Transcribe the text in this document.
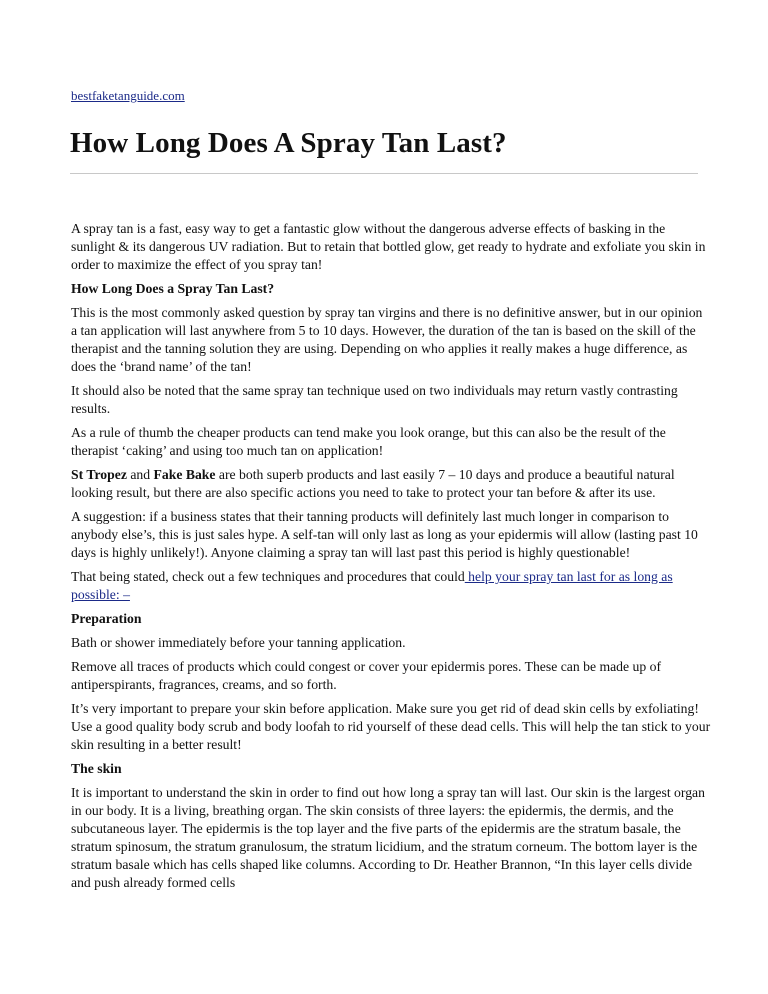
bestfaketanguide.com
How Long Does A Spray Tan Last?

A spray tan is a fast, easy way to get a fantastic glow without the dangerous adverse effects of basking in the sunlight & its dangerous UV radiation. But to retain that bottled glow, get ready to hydrate and exfoliate you skin in order to maximize the effect of you spray tan!

How Long Does a Spray Tan Last?

This is the most commonly asked question by spray tan virgins and there is no definitive answer, but in our opinion a tan application will last anywhere from 5 to 10 days. However, the duration of the tan is based on the skill of the therapist and the tanning solution they are using. Depending on who applies it really makes a huge difference, as does the ‘brand name’ of the tan!

It should also be noted that the same spray tan technique used on two individuals may return vastly contrasting results.

As a rule of thumb the cheaper products can tend make you look orange, but this can also be the result of the therapist ‘caking’ and using too much tan on application!

St Tropez and Fake Bake are both superb products and last easily 7 – 10 days and produce a beautiful natural looking result, but there are also specific actions you need to take to protect your tan before & after its use.

A suggestion: if a business states that their tanning products will definitely last much longer in comparison to anybody else’s, this is just sales hype. A self-tan will only last as long as your epidermis will allow (lasting past 10 days is highly unlikely!). Anyone claiming a spray tan will last past this period is highly questionable!

That being stated, check out a few techniques and procedures that could help your spray tan last for as long as possible: –

Preparation

Bath or shower immediately before your tanning application.

Remove all traces of products which could congest or cover your epidermis pores. These can be made up of antiperspirants, fragrances, creams, and so forth.

It’s very important to prepare your skin before application. Make sure you get rid of dead skin cells by exfoliating! Use a good quality body scrub and body loofah to rid yourself of these dead cells. This will help the tan stick to your skin resulting in a better result!

The skin

It is important to understand the skin in order to find out how long a spray tan will last. Our skin is the largest organ in our body. It is a living, breathing organ. The skin consists of three layers: the epidermis, the dermis, and the subcutaneous layer. The epidermis is the top layer and the five parts of the epidermis are the stratum basale, the stratum spinosum, the stratum granulosum, the stratum licidium, and the stratum corneum. The bottom layer is the stratum basale which has cells shaped like columns. According to Dr. Heather Brannon, “In this layer cells divide and push already formed cells
